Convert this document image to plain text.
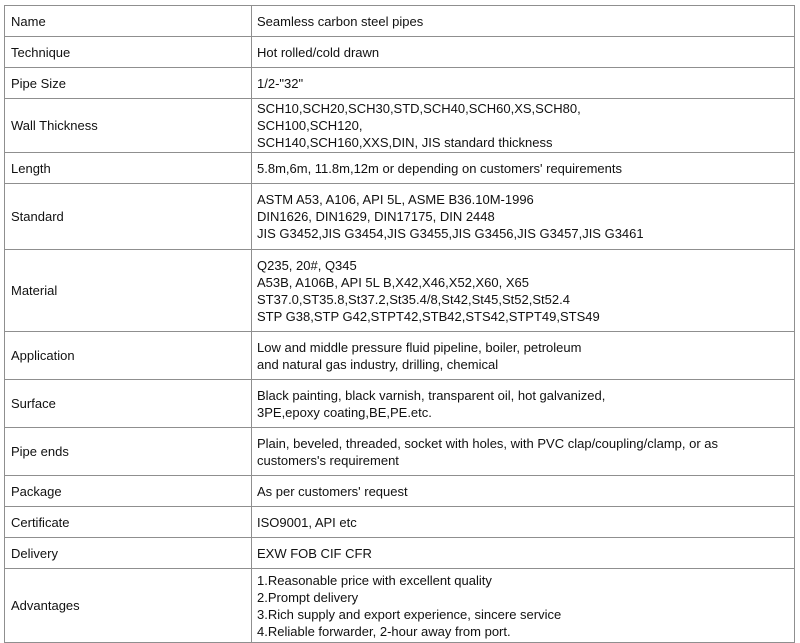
Name	Seamless carbon steel pipes

Technique	Hot rolled/cold drawn

Pipe Size	1/2-"32"

Wall Thickness	SCH10,SCH20,SCH30,STD,SCH40,SCH60,XS,SCH80,
SCH100,SCH120,
SCH140,SCH160,XXS,DIN, JIS standard thickness

Length	5.8m,6m, 11.8m,12m or depending on customers' requirements

Standard	ASTM A53, A106, API 5L, ASME B36.10M-1996
DIN1626, DIN1629, DIN17175, DIN 2448
JIS G3452,JIS G3454,JIS G3455,JIS G3456,JIS G3457,JIS G3461

Material	Q235, 20#, Q345
A53B, A106B, API 5L B,X42,X46,X52,X60, X65
ST37.0,ST35.8,St37.2,St35.4/8,St42,St45,St52,St52.4
STP G38,STP G42,STPT42,STB42,STS42,STPT49,STS49

Application	Low and middle pressure fluid pipeline, boiler, petroleum
and natural gas industry, drilling, chemical

Surface	Black painting, black varnish, transparent oil, hot galvanized,
3PE,epoxy coating,BE,PE.etc.

Pipe ends	Plain, beveled, threaded, socket with holes, with PVC clap/coupling/clamp, or as
customers's requirement

Package	As per customers' request

Certificate	ISO9001, API etc

Delivery	EXW FOB CIF CFR

Advantages	1.Reasonable price with excellent quality
2.Prompt delivery
3.Rich supply and export experience, sincere service
4.Reliable forwarder, 2-hour away from port.
